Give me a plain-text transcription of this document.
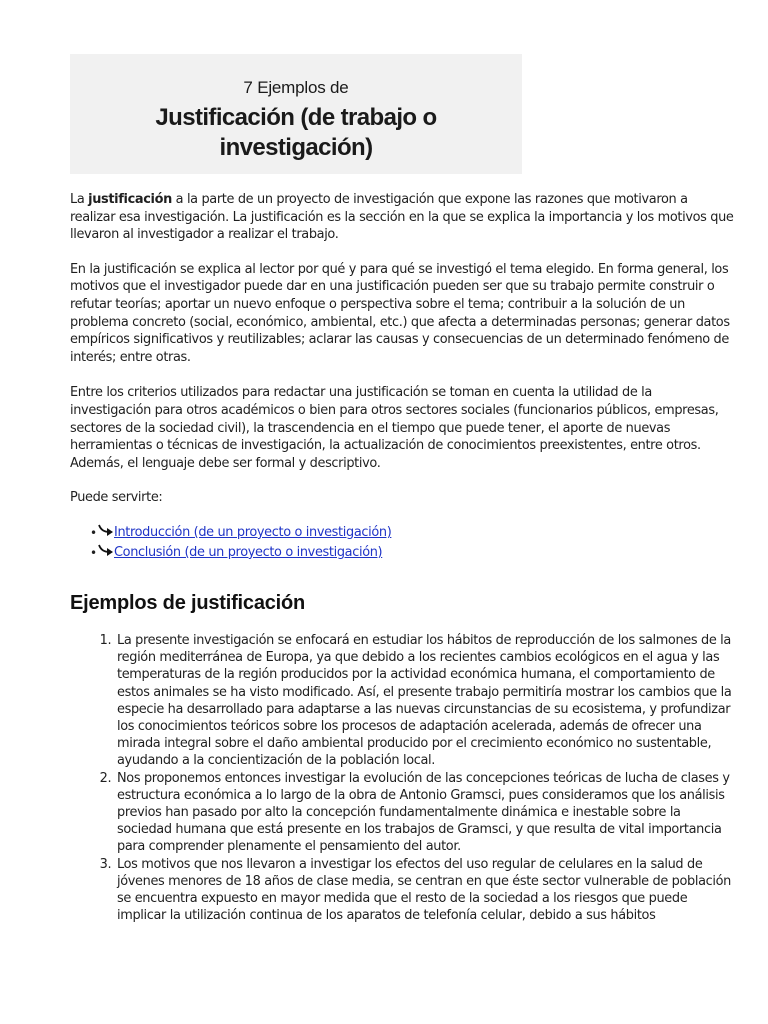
7 Ejemplos de
Justificación (de trabajo o
investigación)

La justificación a la parte de un proyecto de investigación que expone las razones que motivaron a realizar esa investigación. La justificación es la sección en la que se explica la importancia y los motivos que llevaron al investigador a realizar el trabajo.

En la justificación se explica al lector por qué y para qué se investigó el tema elegido. En forma general, los motivos que el investigador puede dar en una justificación pueden ser que su trabajo permite construir o refutar teorías; aportar un nuevo enfoque o perspectiva sobre el tema; contribuir a la solución de un problema concreto (social, económico, ambiental, etc.) que afecta a determinadas personas; generar datos empíricos significativos y reutilizables; aclarar las causas y consecuencias de un determinado fenómeno de interés; entre otras.

Entre los criterios utilizados para redactar una justificación se toman en cuenta la utilidad de la investigación para otros académicos o bien para otros sectores sociales (funcionarios públicos, empresas, sectores de la sociedad civil), la trascendencia en el tiempo que puede tener, el aporte de nuevas herramientas o técnicas de investigación, la actualización de conocimientos preexistentes, entre otros. Además, el lenguaje debe ser formal y descriptivo.

Puede servirte:

• Introducción (de un proyecto o investigación)
• Conclusión (de un proyecto o investigación)
Ejemplos de justificación
1. La presente investigación se enfocará en estudiar los hábitos de reproducción de los salmones de la región mediterránea de Europa, ya que debido a los recientes cambios ecológicos en el agua y las temperaturas de la región producidos por la actividad económica humana, el comportamiento de estos animales se ha visto modificado. Así, el presente trabajo permitiría mostrar los cambios que la especie ha desarrollado para adaptarse a las nuevas circunstancias de su ecosistema, y profundizar los conocimientos teóricos sobre los procesos de adaptación acelerada, además de ofrecer una mirada integral sobre el daño ambiental producido por el crecimiento económico no sustentable, ayudando a la concientización de la población local.
2. Nos proponemos entonces investigar la evolución de las concepciones teóricas de lucha de clases y estructura económica a lo largo de la obra de Antonio Gramsci, pues consideramos que los análisis previos han pasado por alto la concepción fundamentalmente dinámica e inestable sobre la sociedad humana que está presente en los trabajos de Gramsci, y que resulta de vital importancia para comprender plenamente el pensamiento del autor.
3. Los motivos que nos llevaron a investigar los efectos del uso regular de celulares en la salud de jóvenes menores de 18 años de clase media, se centran en que éste sector vulnerable de población se encuentra expuesto en mayor medida que el resto de la sociedad a los riesgos que puede implicar la utilización continua de los aparatos de telefonía celular, debido a sus hábitos
